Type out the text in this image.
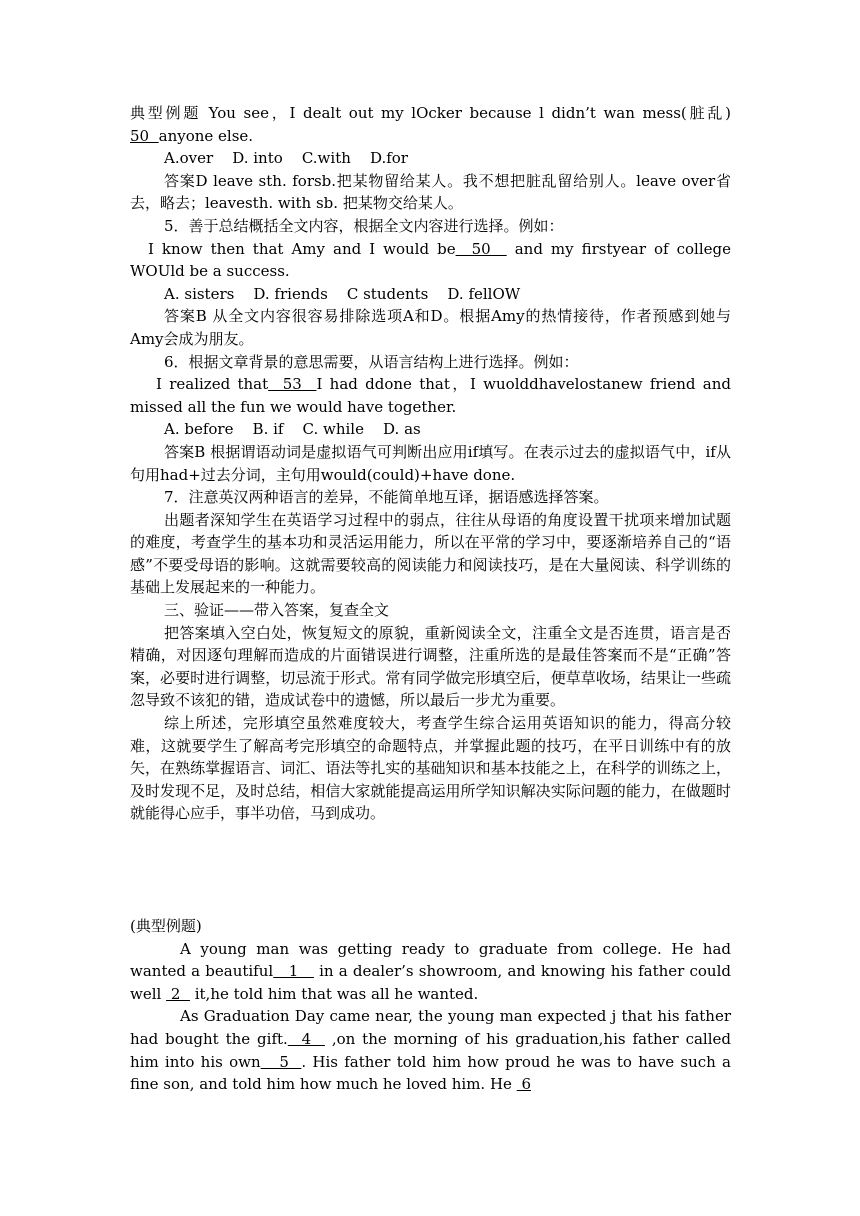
典型例题 You see，I dealt out my lOcker because l didn’t wan mess(脏乱) 50  anyone else.

A.over    D. into    C.with    D.for

答案D leave sth. forsb.把某物留给某人。我不想把脏乱留给别人。leave over省去，略去；leavesth. with sb. 把某物交给某人。

5．善于总结概括全文内容，根据全文内容进行选择。例如：

I know then that Amy and I would be  50   and my firstyear of college WOUld be a success.

A. sisters    D. friends    C students    D. fellOW

答案B 从全文内容很容易排除选项A和D。根据Amy的热情接待，作者预感到她与 Amy会成为朋友。

6．根据文章背景的意思需要，从语言结构上进行选择。例如：

I realized that  53  I had ddone that，I wuolddhavelostanew friend and missed all the fun we would have together.

A. before    B. if    C. while    D. as

答案B 根据谓语动词是虚拟语气可判断出应用if填写。在表示过去的虚拟语气中，if从句用had+过去分词，主句用would(could)+have done.

7．注意英汉两种语言的差异，不能简单地互译，据语感选择答案。

出题者深知学生在英语学习过程中的弱点，往往从母语的角度设置干扰项来增加试题的难度，考查学生的基本功和灵活运用能力，所以在平常的学习中，要逐渐培养自己的“语感”不要受母语的影响。这就需要较高的阅读能力和阅读技巧，是在大量阅读、科学训练的基础上发展起来的一种能力。

三、验证——带入答案，复查全文

把答案填入空白处，恢复短文的原貌，重新阅读全文，注重全文是否连贯，语言是否精确，对因逐句理解而造成的片面错误进行调整，注重所选的是最佳答案而不是“正确”答案，必要时进行调整，切忌流于形式。常有同学做完形填空后，便草草收场，结果让一些疏忽导致不该犯的错，造成试卷中的遗憾，所以最后一步尤为重要。

综上所述，完形填空虽然难度较大，考查学生综合运用英语知识的能力，得高分较难，这就要学生了解高考完形填空的命题特点，并掌握此题的技巧，在平日训练中有的放矢，在熟练掌握语言、词汇、语法等扎实的基础知识和基本技能之上，在科学的训练之上，及时发现不足，及时总结，相信大家就能提高运用所学知识解决实际问题的能力，在做题时就能得心应手，事半功倍，马到成功。

(典型例题)

A young man was getting ready to graduate from college. He had wanted a beautiful   1    in a dealer’s showroom, and knowing his father could well  2   it,he told him that was all he wanted.

As Graduation Day came near, the young man expected j that his father had bought the gift.  4   ,on the morning of his graduation,his father called him into his own   5  . His father told him how proud he was to have such a fine son, and told him how much he loved him. He  6
